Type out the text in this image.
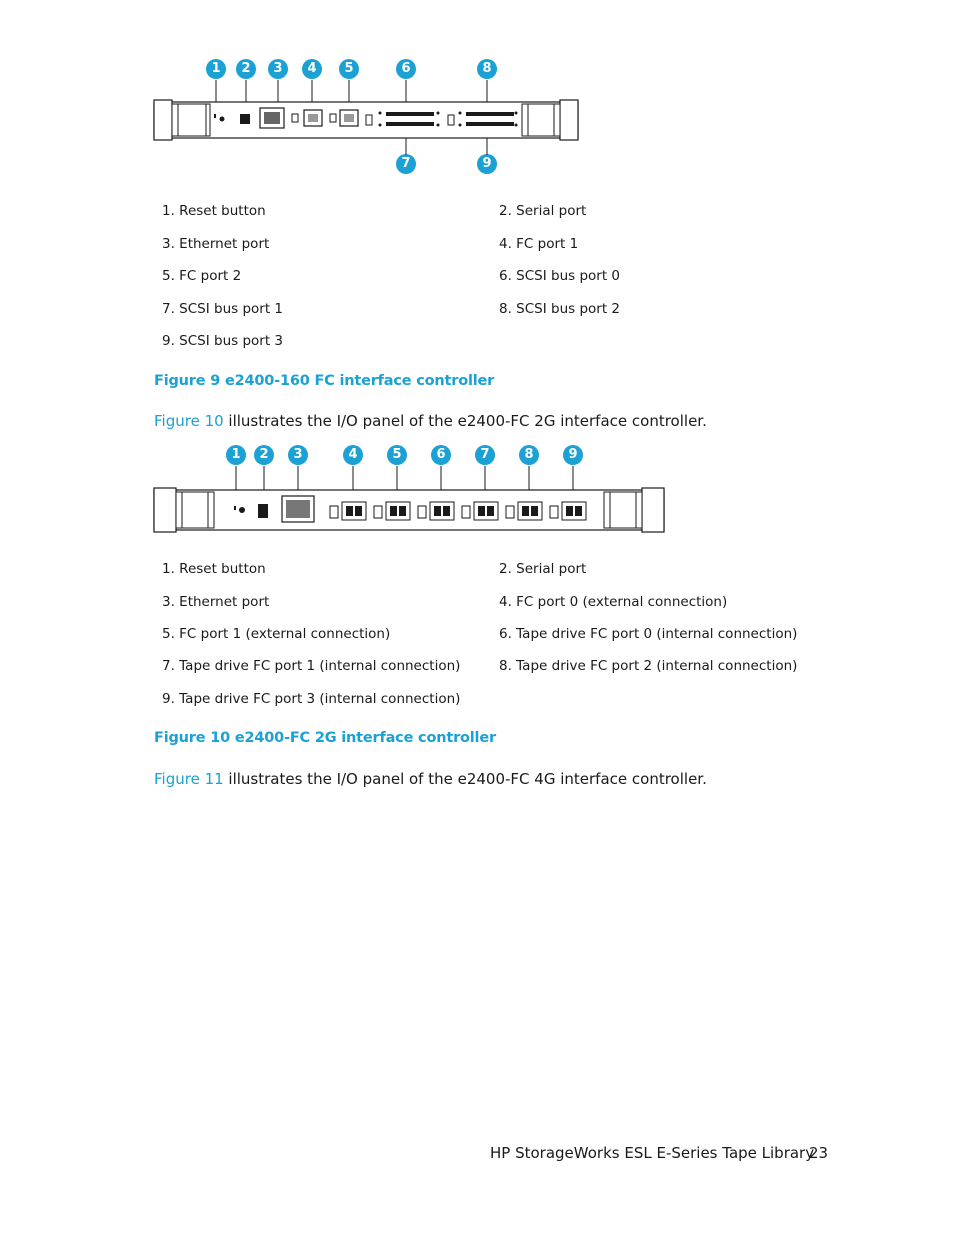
1	2	3	4	5	6	8
7	9
1. Reset button	2. Serial port
3. Ethernet port	4. FC port 1
5. FC port 2	6. SCSI bus port 0
7. SCSI bus port 1	8. SCSI bus port 2
9. SCSI bus port 3
Figure 9 e2400-160 FC interface controller
Figure 10 illustrates the I/O panel of the e2400-FC 2G interface controller.
1	2	3	4	5	6	7	8	9
1. Reset button	2. Serial port
3. Ethernet port	4. FC port 0 (external connection)
5. FC port 1 (external connection)	6. Tape drive FC port 0 (internal connection)
7. Tape drive FC port 1 (internal connection)	8. Tape drive FC port 2 (internal connection)
9. Tape drive FC port 3 (internal connection)
Figure 10 e2400-FC 2G interface controller
Figure 11 illustrates the I/O panel of the e2400-FC 4G interface controller.
HP StorageWorks ESL E-Series Tape Library
23
